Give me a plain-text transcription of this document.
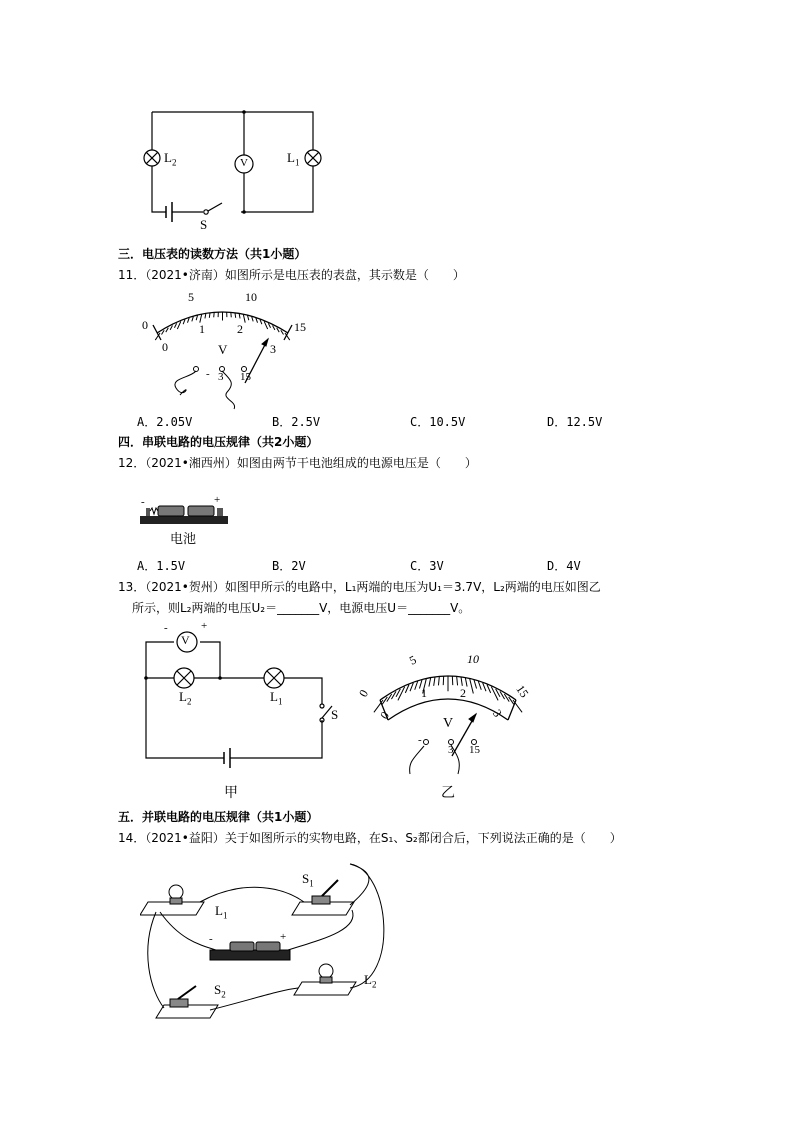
$L_2$	$L_1$
V
S
三．电压表的读数方法（共1小题）
11．（2021•济南）如图所示是电压表的表盘，其示数是（　　）
0
5	10
15
0
1	2
3
V
- 3 15
A．2.05V	B．2.5V	C．10.5V	D．12.5V
四．串联电路的电压规律（共2小题）
12．（2021•湘西州）如图由两节干电池组成的电源电压是（　　）
-	+
电池
A．1.5V	B．2V	C．3V	D．4V
13．（2021•贺州）如图甲所示的电路中，L₁两端的电压为U₁＝3.7V，L₂两端的电压如图乙
所示，则L₂两端的电压U₂＝_______V，电源电压U＝_______V。
V
-	+
$L_2$	$L_1$
S
甲
0
5	10
15
0
1	2
3
V
-
3 15
乙
五．并联电路的电压规律（共1小题）
14．（2021•益阳）关于如图所示的实物电路，在S₁、S₂都闭合后，下列说法正确的是（　　）
$S_1$
$L_1$
-	+
$L_2$
$S_2$
